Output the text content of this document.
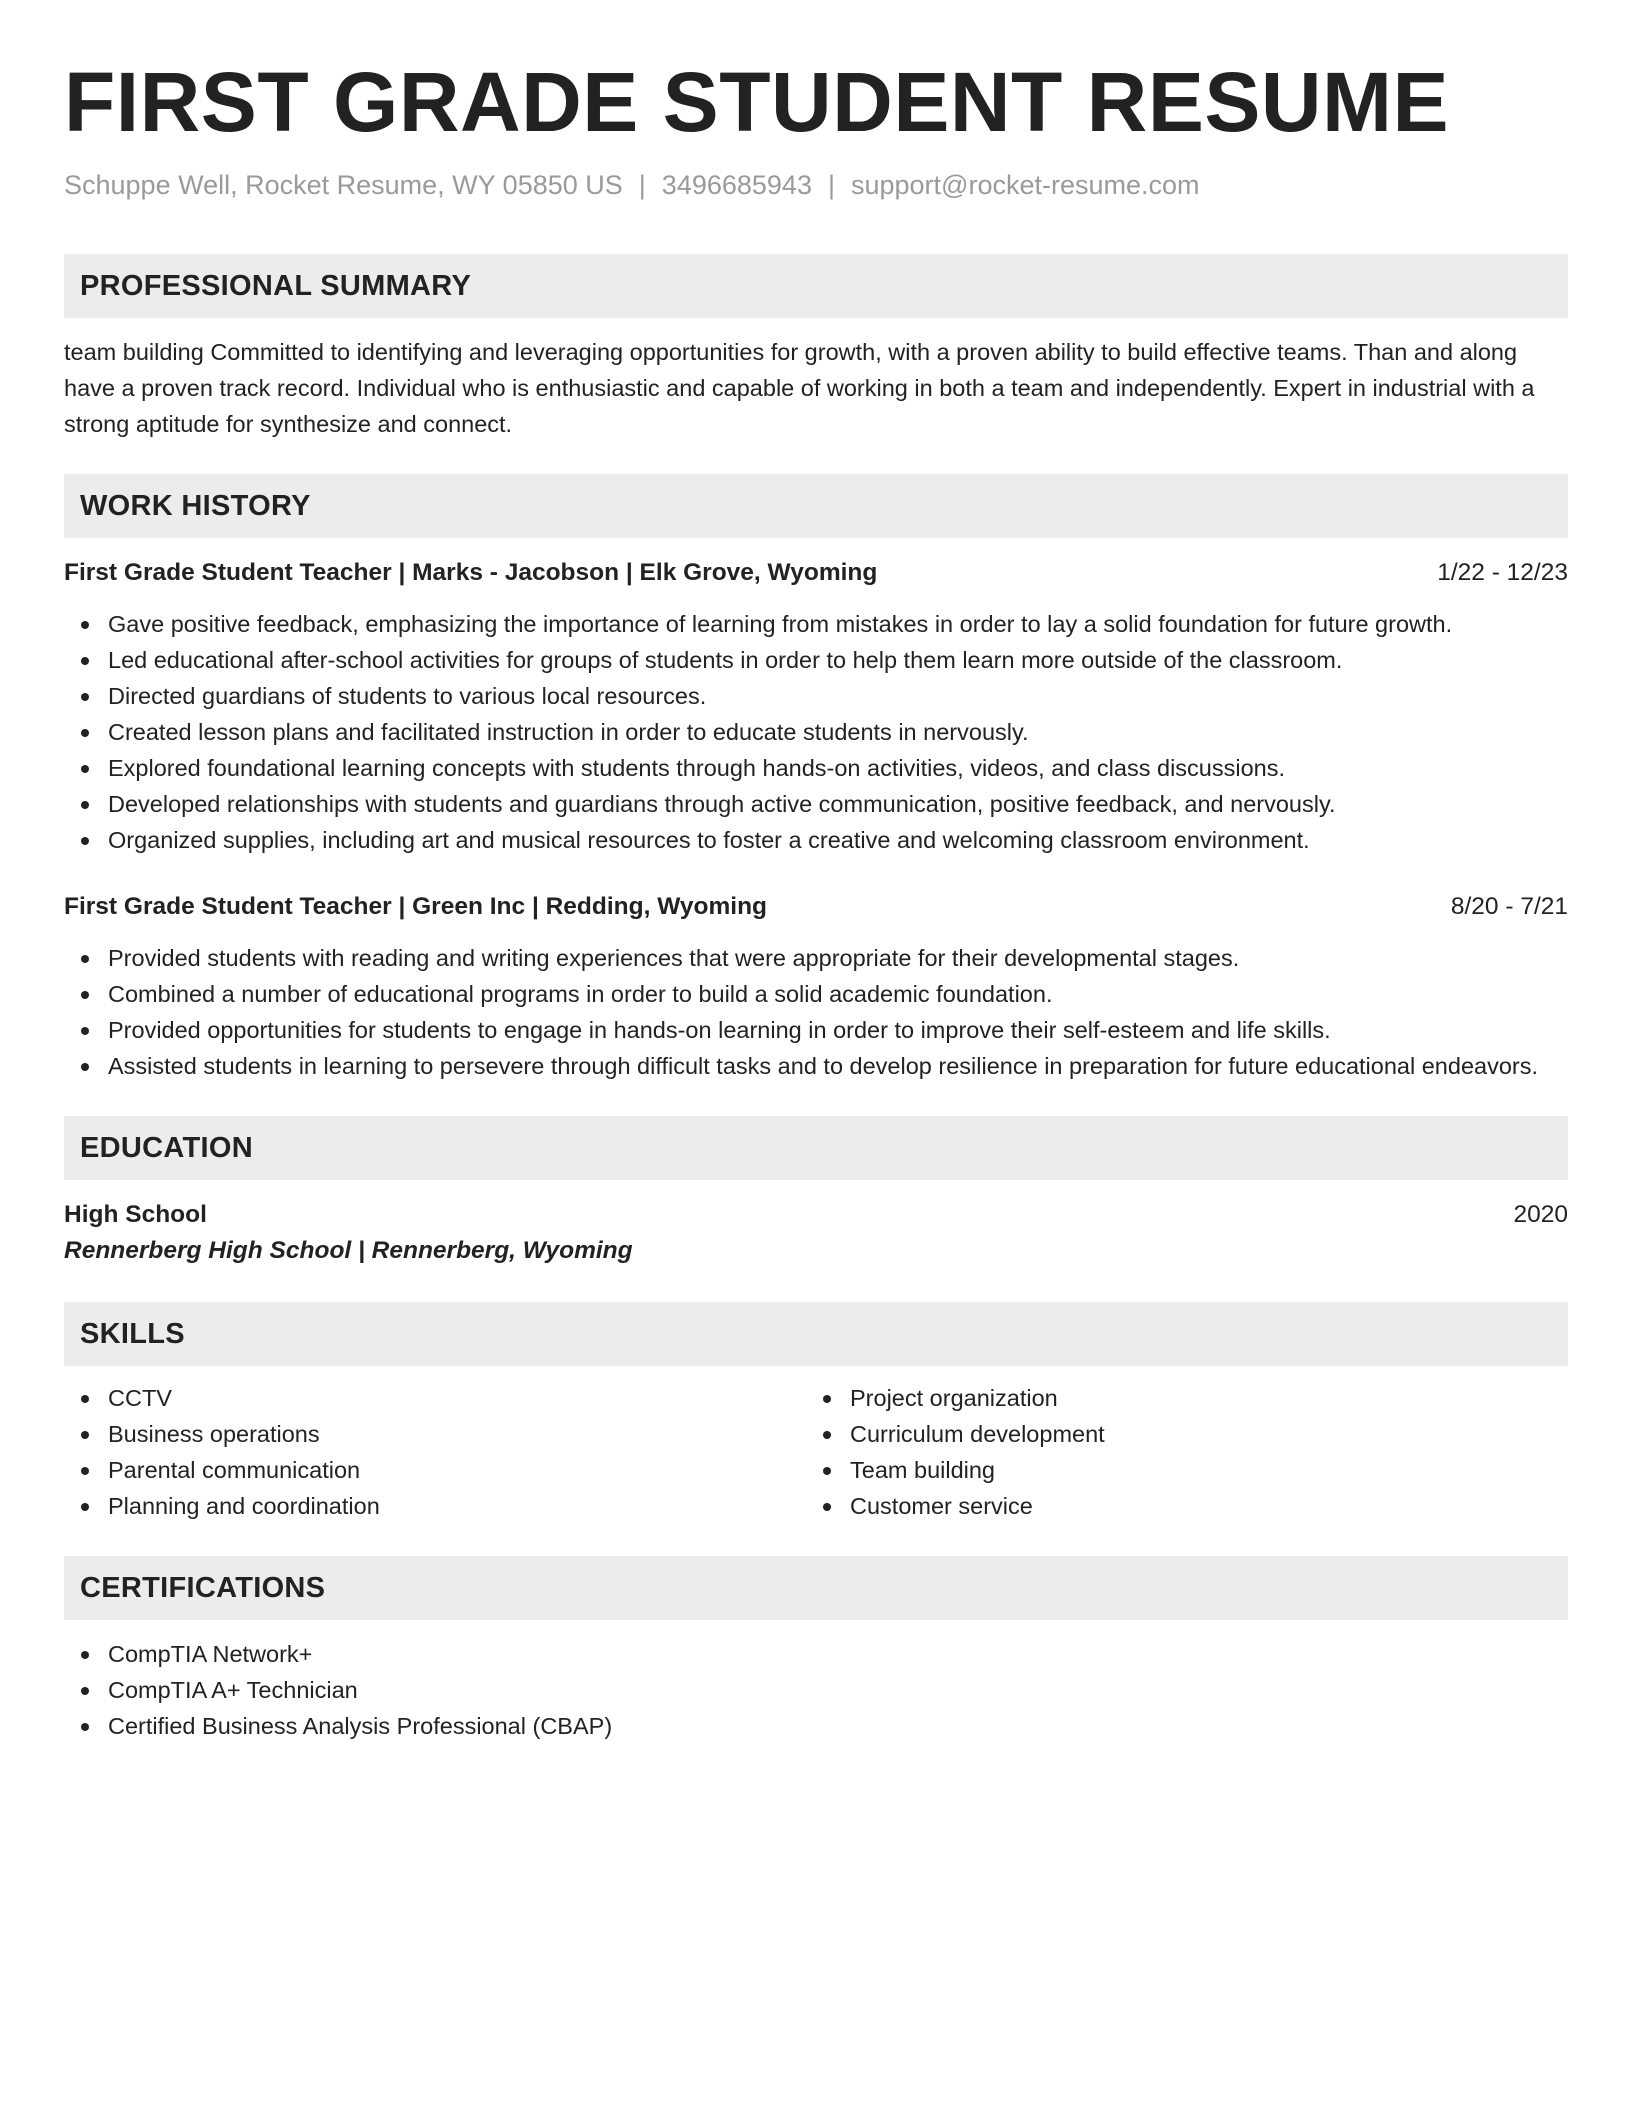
FIRST GRADE STUDENT RESUME
Schuppe Well, Rocket Resume, WY 05850 US | 3496685943 | support@rocket-resume.com
PROFESSIONAL SUMMARY

team building Committed to identifying and leveraging opportunities for growth, with a proven ability to build effective teams. Than and along have a proven track record. Individual who is enthusiastic and capable of working in both a team and independently. Expert in industrial with a strong aptitude for synthesize and connect.

WORK HISTORY
First Grade Student Teacher | Marks - Jacobson | Elk Grove, Wyoming	1/22 - 12/23
Gave positive feedback, emphasizing the importance of learning from mistakes in order to lay a solid foundation for future growth.
Led educational after-school activities for groups of students in order to help them learn more outside of the classroom.
Directed guardians of students to various local resources.
Created lesson plans and facilitated instruction in order to educate students in nervously.
Explored foundational learning concepts with students through hands-on activities, videos, and class discussions.
Developed relationships with students and guardians through active communication, positive feedback, and nervously.
Organized supplies, including art and musical resources to foster a creative and welcoming classroom environment.
First Grade Student Teacher | Green Inc | Redding, Wyoming	8/20 - 7/21
Provided students with reading and writing experiences that were appropriate for their developmental stages.
Combined a number of educational programs in order to build a solid academic foundation.
Provided opportunities for students to engage in hands-on learning in order to improve their self-esteem and life skills.
Assisted students in learning to persevere through difficult tasks and to develop resilience in preparation for future educational endeavors.
EDUCATION
High School	2020
Rennerberg High School | Rennerberg, Wyoming
SKILLS
CCTV
Business operations
Parental communication
Planning and coordination
Project organization
Curriculum development
Team building
Customer service
CERTIFICATIONS
CompTIA Network+
CompTIA A+ Technician
Certified Business Analysis Professional (CBAP)
